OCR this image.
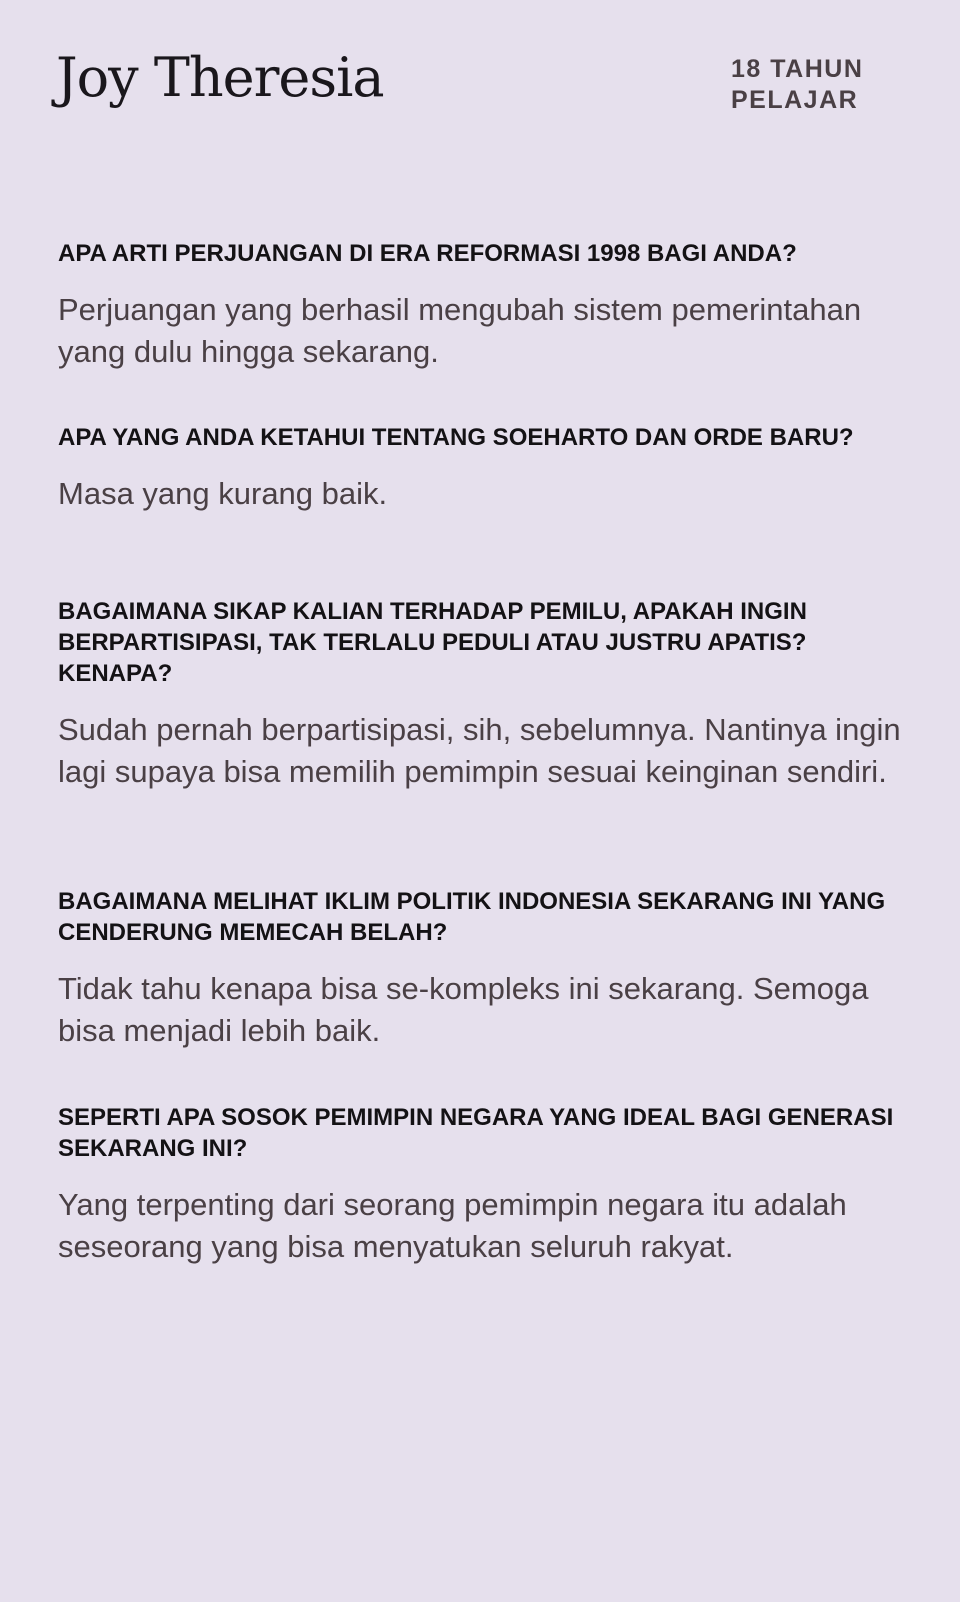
Joy Theresia	18 TAHUN
PELAJAR
APA ARTI PERJUANGAN DI ERA REFORMASI 1998 BAGI ANDA?

Perjuangan yang berhasil mengubah sistem pemerintahan yang dulu hingga sekarang.

APA YANG ANDA KETAHUI TENTANG SOEHARTO DAN ORDE BARU?

Masa yang kurang baik.

BAGAIMANA SIKAP KALIAN TERHADAP PEMILU, APAKAH INGIN BERPARTISIPASI, TAK TERLALU PEDULI ATAU JUSTRU APATIS? KENAPA?

Sudah pernah berpartisipasi, sih, sebelumnya. Nantinya ingin lagi supaya bisa memilih pemimpin sesuai keinginan sendiri.

BAGAIMANA MELIHAT IKLIM POLITIK INDONESIA SEKARANG INI YANG CENDERUNG MEMECAH BELAH?

Tidak tahu kenapa bisa se-kompleks ini sekarang. Semoga bisa menjadi lebih baik.

SEPERTI APA SOSOK PEMIMPIN NEGARA YANG IDEAL BAGI GENERASI SEKARANG INI?

Yang terpenting dari seorang pemimpin negara itu adalah seseorang yang bisa menyatukan seluruh rakyat.
